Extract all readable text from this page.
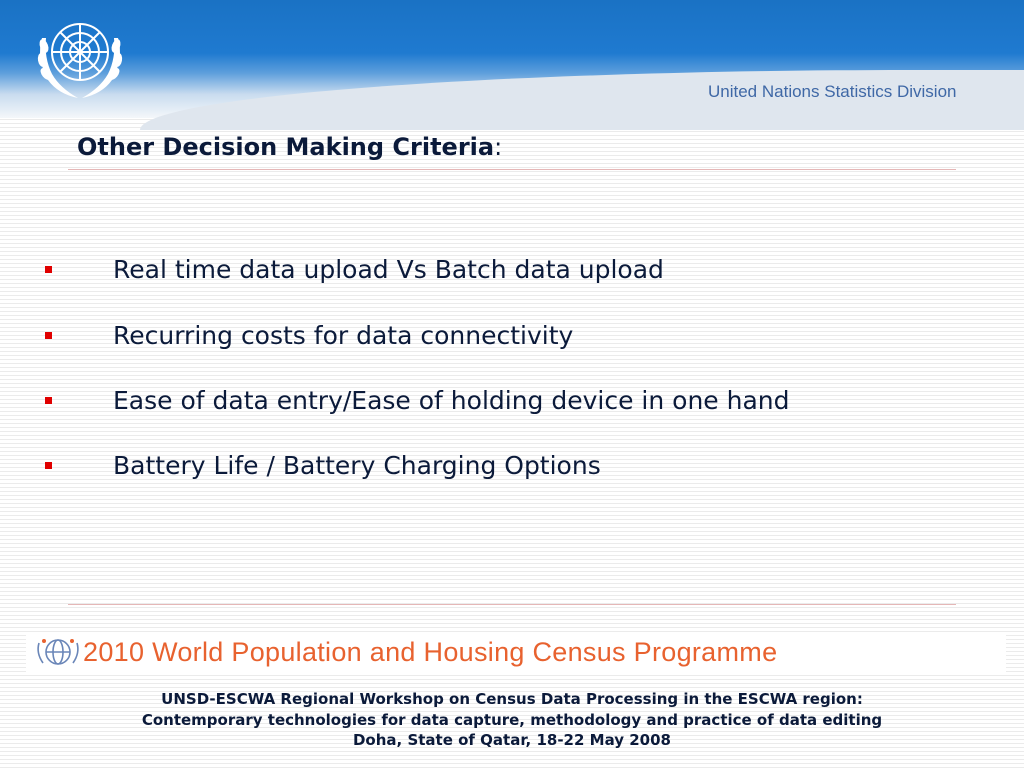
United Nations Statistics Division
Other Decision Making Criteria:
Real time data upload Vs Batch data upload
Recurring costs for data connectivity
Ease of data entry/Ease of holding device in one hand
Battery Life / Battery Charging Options
2010 World Population and Housing Census Programme
UNSD-ESCWA Regional Workshop on Census Data Processing in the ESCWA region:
Contemporary technologies for data capture, methodology and practice of data editing
Doha, State of Qatar, 18-22 May 2008
